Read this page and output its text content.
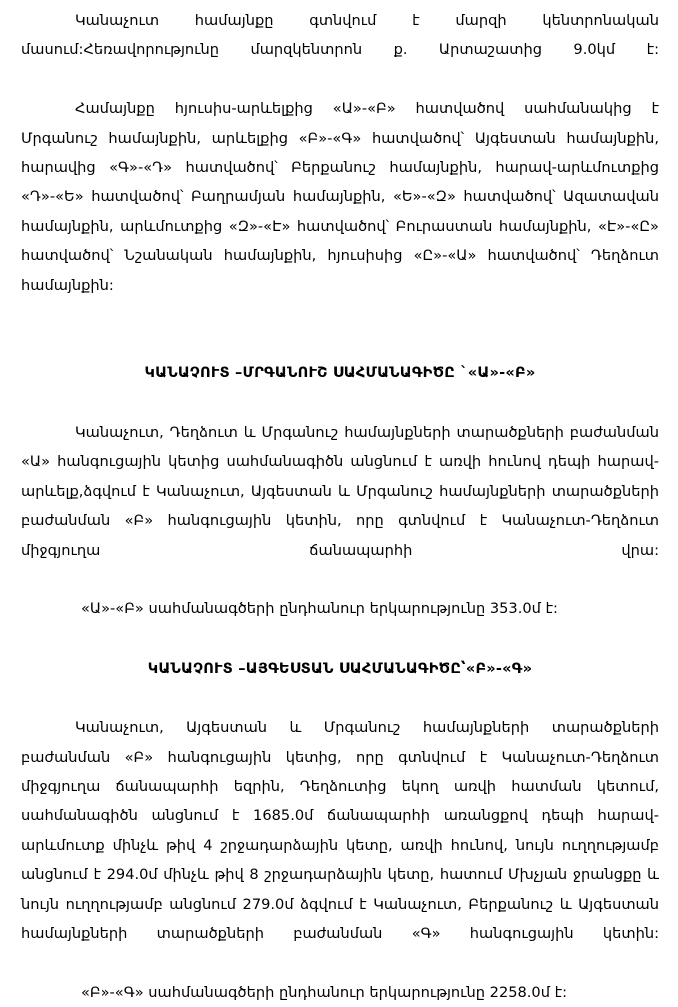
Կանաչուտ համայնքը գտնվում է մարզի կենտրոնական մասում:Հեռավորությունը մարզկենտրոն ք. Արտաշատից 9.0կմ է:

Համայնքը հյուսիս-արևելքից «Ա»-«Բ» հատվածով սահմանակից է Մրգանուշ համայնքին, արևելքից «Բ»-«Գ» հատվածով՝ Այգեստան համայնքին, հարավից «Գ»-«Դ» հատվածով՝ Բերքանուշ համայնքին, հարավ-արևմուտքից «Դ»-«Ե» հատվածով՝ Բաղրամյան համայնքին, «Ե»-«Զ» հատվածով՝ Ազատավան համայնքին, արևմուտքից «Զ»-«Է» հատվածով՝ Բուրաստան համայնքին, «Է»-«Ը» հատվածով՝ Նշանական համայնքին, հյուսիսից «Ը»-«Ա» հատվածով՝ Դեղձուտ համայնքին:

ԿԱՆԱՉՈՒՏ –ՄՐԳԱՆՈՒՇ ՍԱՀՄԱՆԱԳԻԾԸ `«Ա»-«Բ»

Կանաչուտ, Դեղձուտ և Մրգանուշ համայնքների տարածքների բաժանման «Ա» հանգուցային կետից սահմանագիծն անցնում է առվի հունով դեպի հարավ-արևելք,ձգվում է Կանաչուտ, Այգեստան և Մրգանուշ համայնքների տարածքների բաժանման «Բ» հանգուցային կետին, որը գտնվում է Կանաչուտ-Դեղձուտ միջգյուղա ճանապարհի վրա:

«Ա»-«Բ» սահմանագծերի ընդհանուր երկարությունը 353.0մ է:

ԿԱՆԱՉՈՒՏ –ԱՅԳԵՍՏԱՆ ՍԱՀՄԱՆԱԳԻԾԸ՝«Բ»-«Գ»

Կանաչուտ, Այգեստան և Մրգանուշ համայնքների տարածքների բաժանման «Բ» հանգուցային կետից, որը գտնվում է Կանաչուտ-Դեղձուտ միջգյուղա ճանապարհի եզրին, Դեղձուտից եկող առվի հատման կետում, սահմանագիծն անցնում է 1685.0մ ճանապարհի առանցքով դեպի հարավ-արևմուտք մինչև թիվ 4 շրջադարձային կետը, առվի հունով, նույն ուղղությամբ անցնում է 294.0մ մինչև թիվ 8 շրջադարձային կետը, հատում Մխչյան ջրանցքը և նույն ուղղությամբ անցնում 279.0մ ձգվում է Կանաչուտ, Բերքանուշ և Այգեստան համայնքների տարածքների բաժանման «Գ» հանգուցային կետին:

«Բ»-«Գ» սահմանագծերի ընդհանուր երկարությունը 2258.0մ է:
